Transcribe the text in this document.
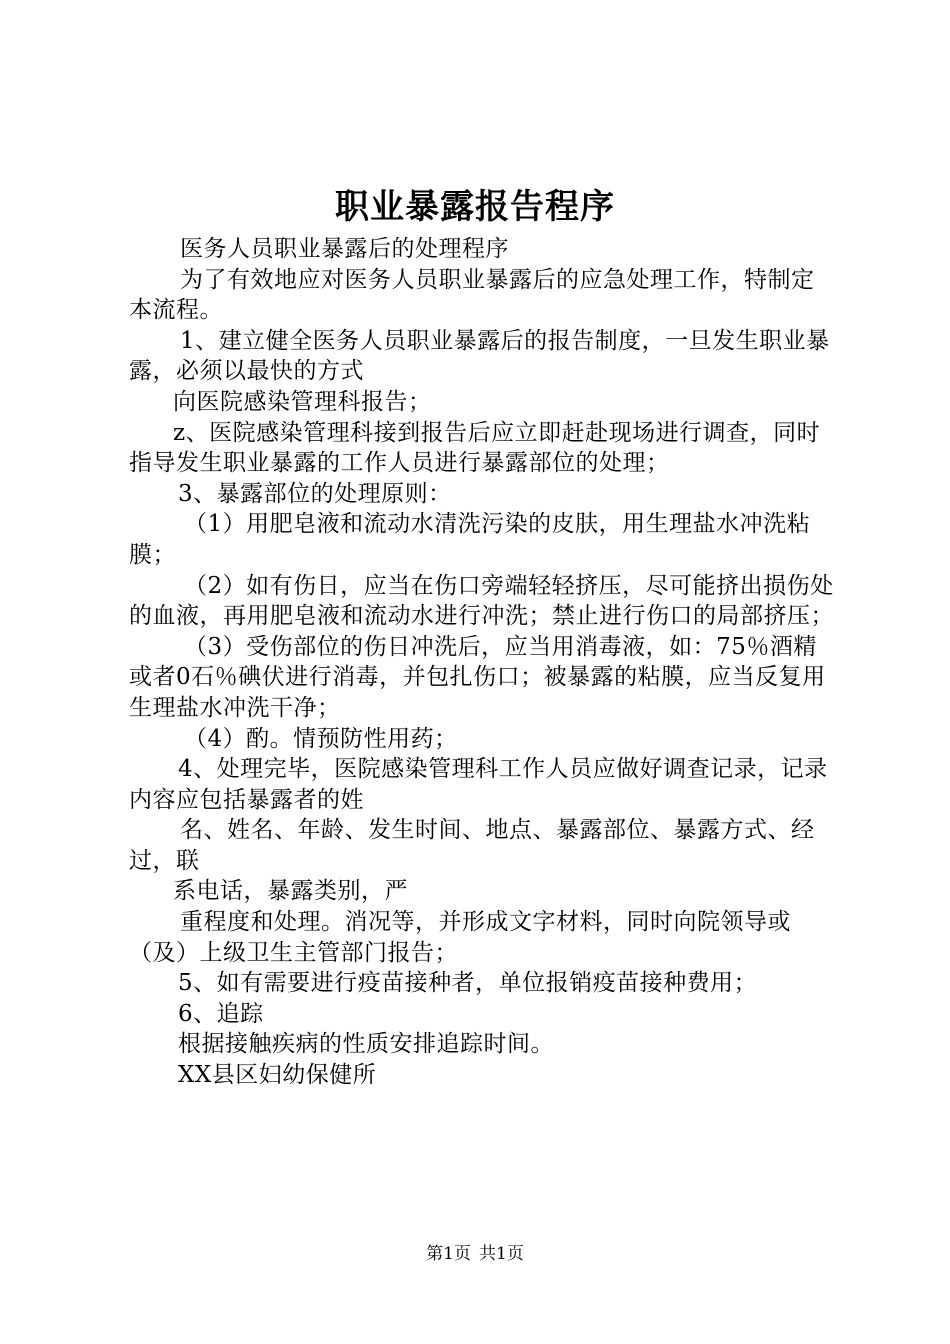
职业暴露报告程序

医务人员职业暴露后的处理程序

为了有效地应对医务人员职业暴露后的应急处理工作，特制定本流程。

1、建立健全医务人员职业暴露后的报告制度，一旦发生职业暴露，必须以最快的方式

向医院感染管理科报告；

z、医院感染管理科接到报告后应立即赶赴现场进行调查，同时指导发生职业暴露的工作人员进行暴露部位的处理；

3、暴露部位的处理原则：

（1）用肥皂液和流动水清洗污染的皮肤，用生理盐水冲洗粘膜；

（2）如有伤日，应当在伤口旁端轻轻挤压，尽可能挤出损伤处的血液，再用肥皂液和流动水进行冲洗；禁止进行伤口的局部挤压；

（3）受伤部位的伤日冲洗后，应当用消毒液，如：75％酒精或者0石％碘伏进行消毒，并包扎伤口；被暴露的粘膜，应当反复用生理盐水冲洗干净；

（4）酌。情预防性用药；

4、处理完毕，医院感染管理科工作人员应做好调查记录，记录内容应包括暴露者的姓

名、姓名、年龄、发生时间、地点、暴露部位、暴露方式、经过，联

系电话，暴露类别，严

重程度和处理。消况等，并形成文字材料，同时向院领导或（及）上级卫生主管部门报告；

5、如有需要进行疫苗接种者，单位报销疫苗接种费用；

6、追踪

根据接触疾病的性质安排追踪时间。

XX县区妇幼保健所

第1页 共1页
